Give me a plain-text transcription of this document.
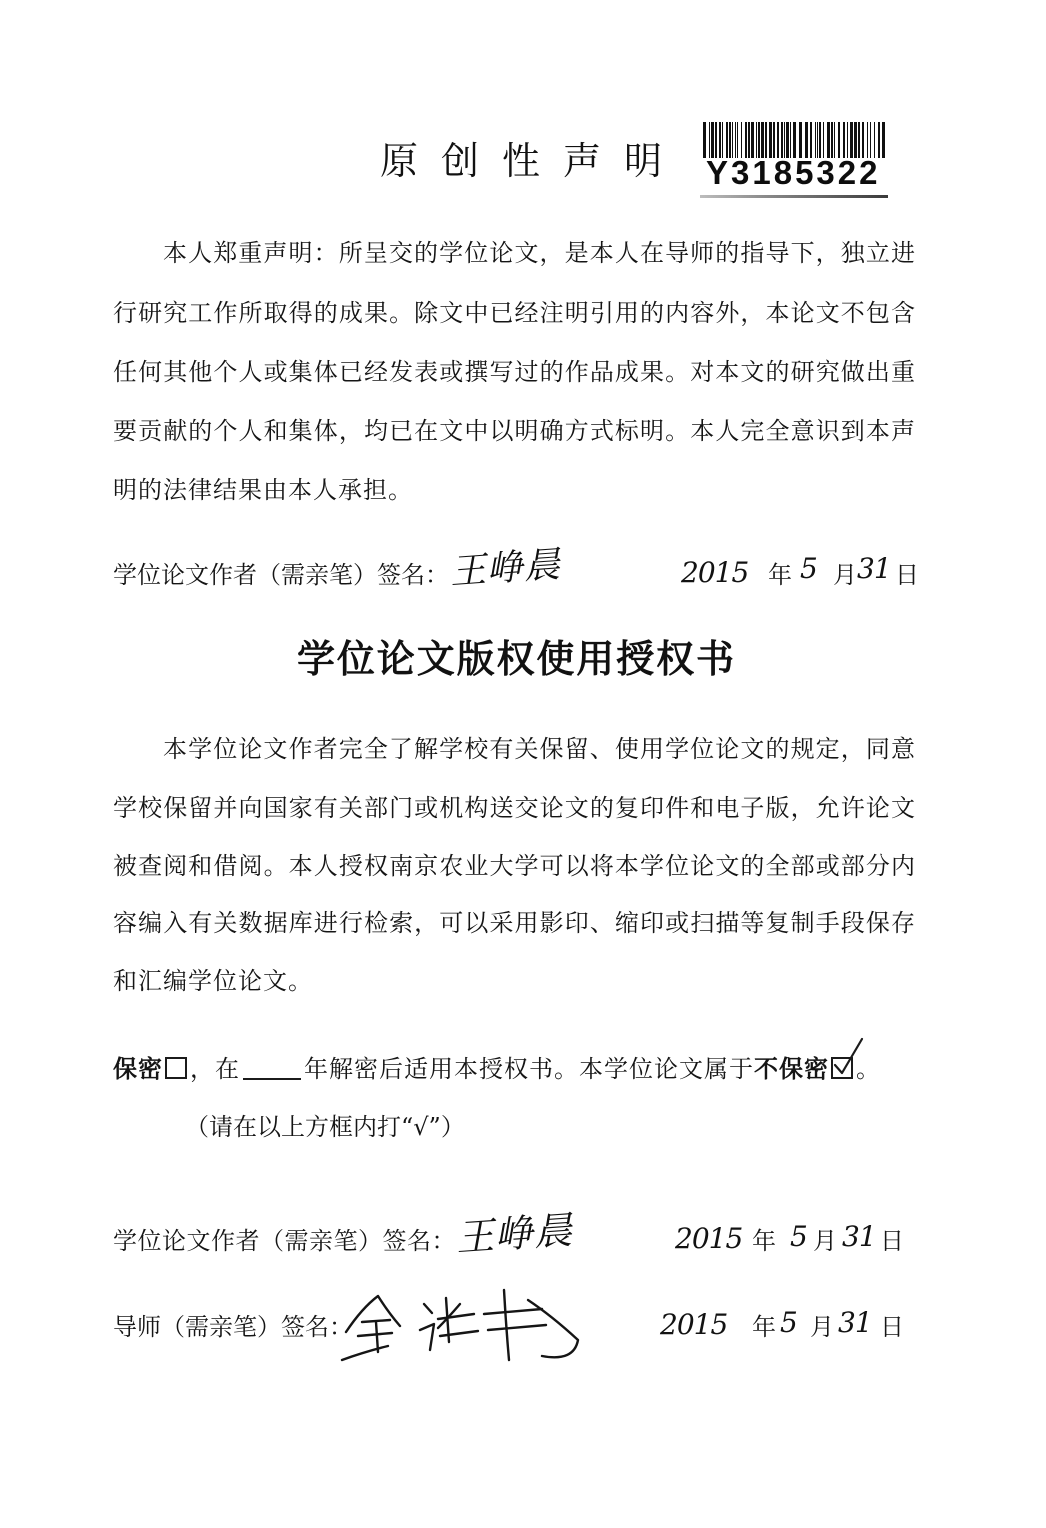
原 创 性 声 明 Y3185322
本人郑重声明：所呈交的学位论文，是本人在导师的指导下，独立进
行研究工作所取得的成果。除文中已经注明引用的内容外，本论文不包含
任何其他个人或集体已经发表或撰写过的作品成果。对本文的研究做出重
要贡献的个人和集体，均已在文中以明确方式标明。本人完全意识到本声
明的法律结果由本人承担。
学位论文作者（需亲笔）签名： 王峥晨	2015 年 5 月 31 日
学位论文版权使用授权书
本学位论文作者完全了解学校有关保留、使用学位论文的规定，同意
学校保留并向国家有关部门或机构送交论文的复印件和电子版，允许论文
被查阅和借阅。本人授权南京农业大学可以将本学位论文的全部或部分内
容编入有关数据库进行检索，可以采用影印、缩印或扫描等复制手段保存
和汇编学位论文。
保密 ，在	年解密后适用本授权书。本学位论文属于不保密 。
（请在以上方框内打“√”）
学位论文作者（需亲笔）签名：
王峥晨	2015 年 5 月 31 日
导师（需亲笔）签名：	2015 年 5 月 31 日
